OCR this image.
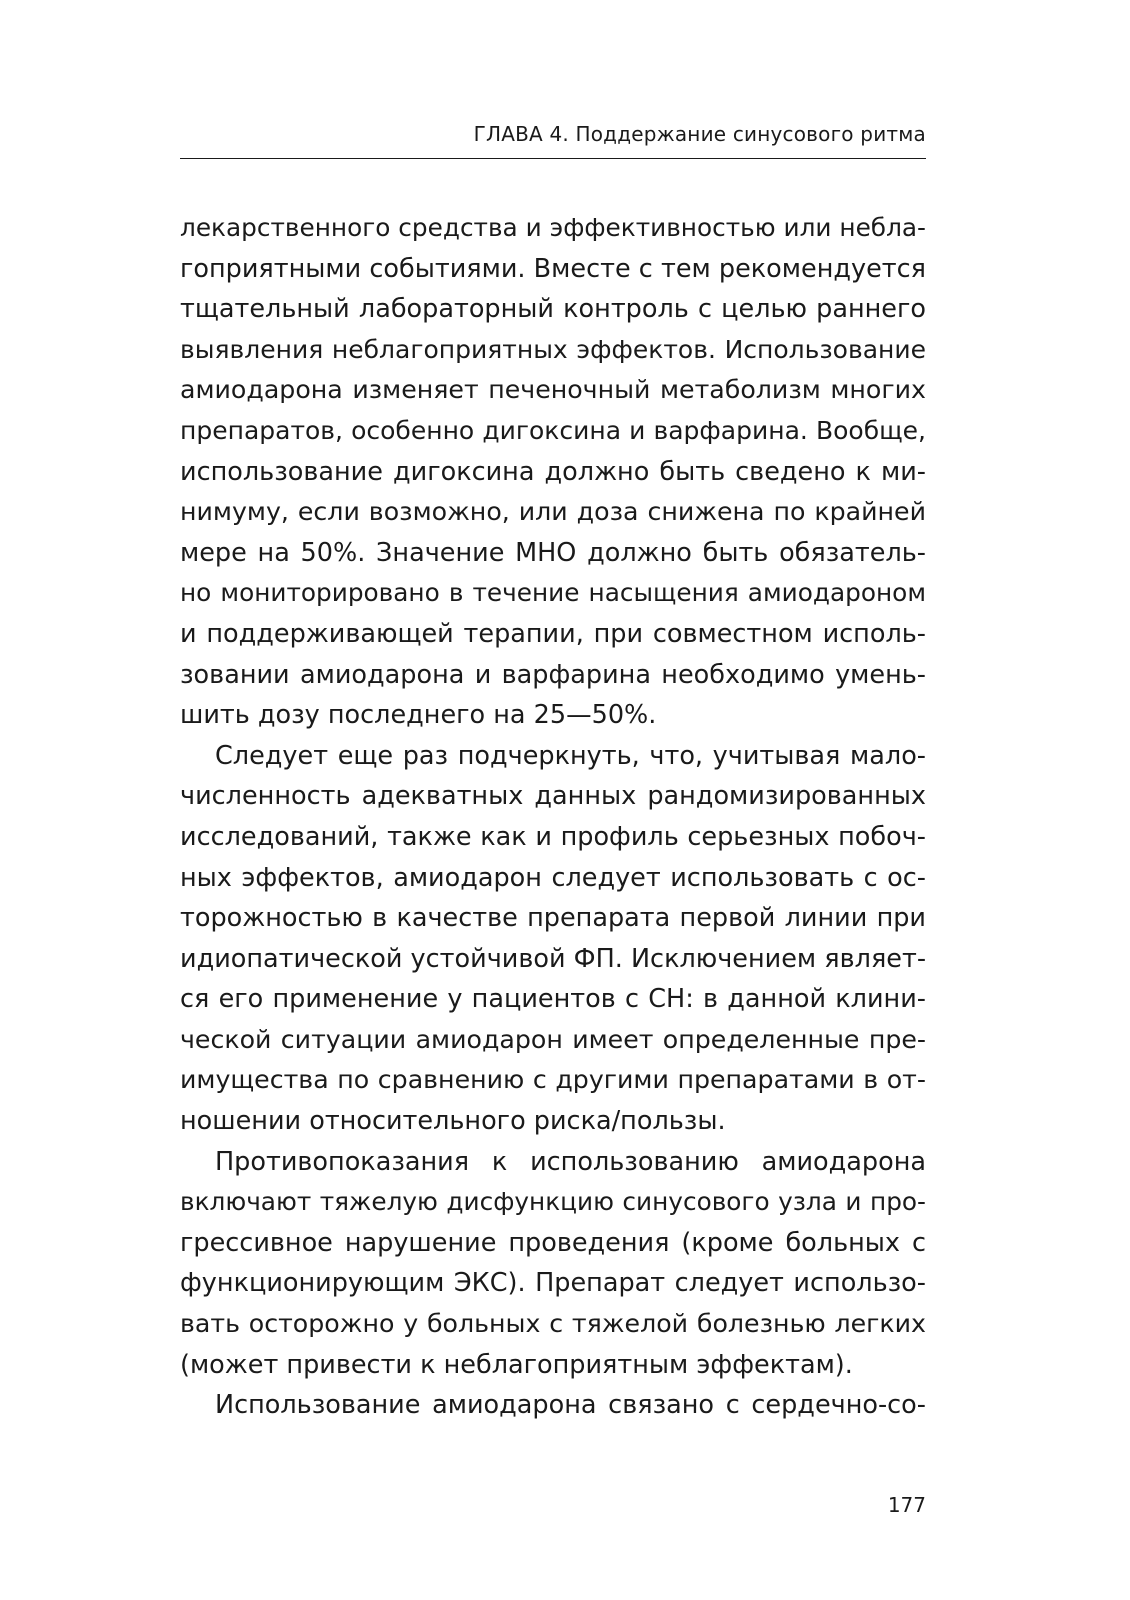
ГЛАВА 4. Поддержание синусового ритма
лекарственного средства и эффективностью или небла-
гоприятными событиями. Вместе с тем рекомендуется
тщательный лабораторный контроль с целью раннего
выявления неблагоприятных эффектов. Использование
амиодарона изменяет печеночный метаболизм многих
препаратов, особенно дигоксина и варфарина. Вообще,
использование дигоксина должно быть сведено к ми-
нимуму, если возможно, или доза снижена по крайней
мере на 50%. Значение МНО должно быть обязатель-
но мониторировано в течение насыщения амиодароном
и поддерживающей терапии, при совместном исполь-
зовании амиодарона и варфарина необходимо умень-
шить дозу последнего на 25—50%.
Следует еще раз подчеркнуть, что, учитывая мало-
численность адекватных данных рандомизированных
исследований, также как и профиль серьезных побоч-
ных эффектов, амиодарон следует использовать с ос-
торожностью в качестве препарата первой линии при
идиопатической устойчивой ФП. Исключением являет-
ся его применение у пациентов с СН: в данной клини-
ческой ситуации амиодарон имеет определенные пре-
имущества по сравнению с другими препаратами в от-
ношении относительного риска/пользы.
Противопоказания к использованию амиодарона
включают тяжелую дисфункцию синусового узла и про-
грессивное нарушение проведения (кроме больных с
функционирующим ЭКС). Препарат следует использо-
вать осторожно у больных с тяжелой болезнью легких
(может привести к неблагоприятным эффектам).
Использование амиодарона связано с сердечно-со-
177
